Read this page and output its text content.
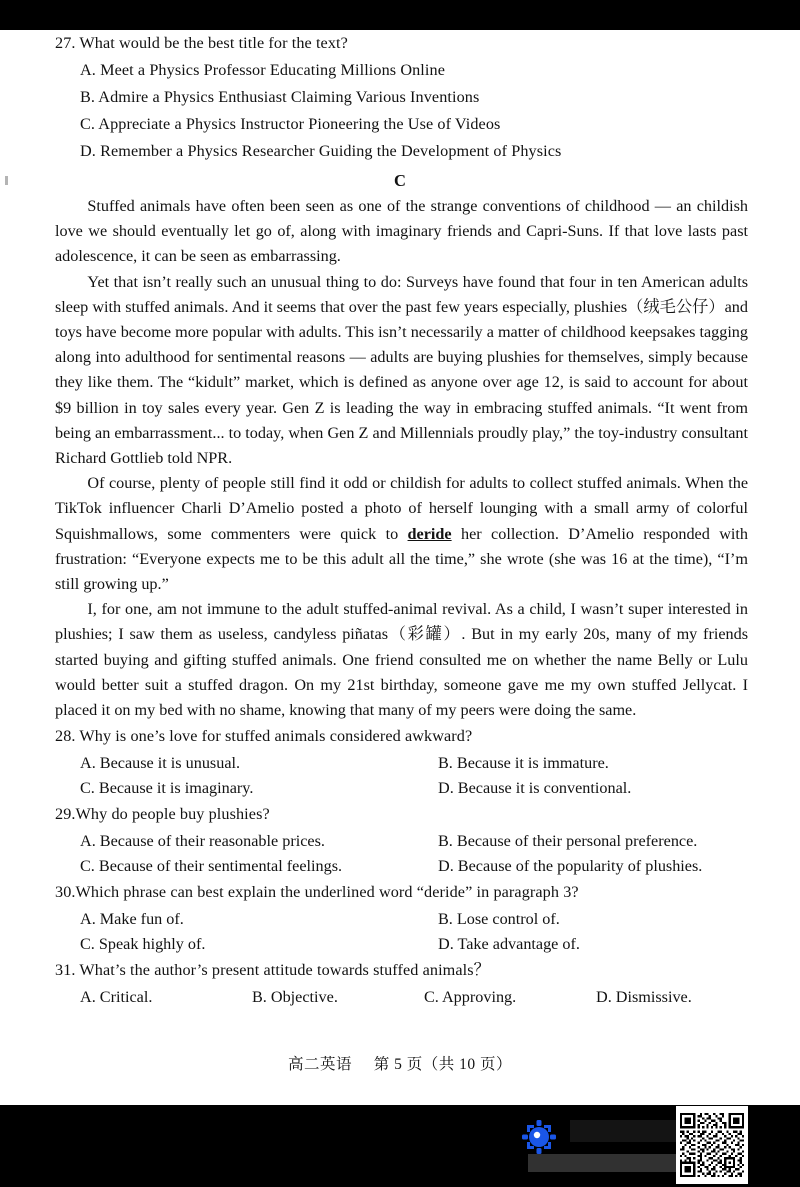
27. What would be the best title for the text?
A. Meet a Physics Professor Educating Millions Online
B. Admire a Physics Enthusiast Claiming Various Inventions
C. Appreciate a Physics Instructor Pioneering the Use of Videos
D. Remember a Physics Researcher Guiding the Development of Physics
C

Stuffed animals have often been seen as one of the strange conventions of childhood — an childish love we should eventually let go of, along with imaginary friends and Capri-Suns. If that love lasts past adolescence, it can be seen as embarrassing.

Yet that isn’t really such an unusual thing to do: Surveys have found that four in ten American adults sleep with stuffed animals. And it seems that over the past few years especially, plushies（绒毛公仔）and toys have become more popular with adults. This isn’t necessarily a matter of childhood keepsakes tagging along into adulthood for sentimental reasons — adults are buying plushies for themselves, simply because they like them. The “kidult” market, which is defined as anyone over age 12, is said to account for about $9 billion in toy sales every year. Gen Z is leading the way in embracing stuffed animals. “It went from being an embarrassment... to today, when Gen Z and Millennials proudly play,” the toy-industry consultant Richard Gottlieb told NPR.

Of course, plenty of people still find it odd or childish for adults to collect stuffed animals. When the TikTok influencer Charli D’Amelio posted a photo of herself lounging with a small army of colorful Squishmallows, some commenters were quick to deride her collection. D’Amelio responded with frustration: “Everyone expects me to be this adult all the time,” she wrote (she was 16 at the time), “I’m still growing up.”

I, for one, am not immune to the adult stuffed-animal revival. As a child, I wasn’t super interested in plushies; I saw them as useless, candyless piñatas（彩罐）. But in my early 20s, many of my friends started buying and gifting stuffed animals. One friend consulted me on whether the name Belly or Lulu would better suit a stuffed dragon. On my 21st birthday, someone gave me my own stuffed Jellycat. I placed it on my bed with no shame, knowing that many of my peers were doing the same.

28. Why is one’s love for stuffed animals considered awkward?
A. Because it is unusual.	B. Because it is immature.
C. Because it is imaginary.	D. Because it is conventional.
29.Why do people buy plushies?
A. Because of their reasonable prices.	B. Because of their personal preference.
C. Because of their sentimental feelings.	D. Because of the popularity of plushies.
30.Which phrase can best explain the underlined word “deride” in paragraph 3?
A. Make fun of.	B. Lose control of.
C. Speak highly of.	D. Take advantage of.
31. What’s the author’s present attitude towards stuffed animals？
A. Critical.	B. Objective.	C. Approving.	D. Dismissive.
高二英语 第 5 页（共 10 页）
